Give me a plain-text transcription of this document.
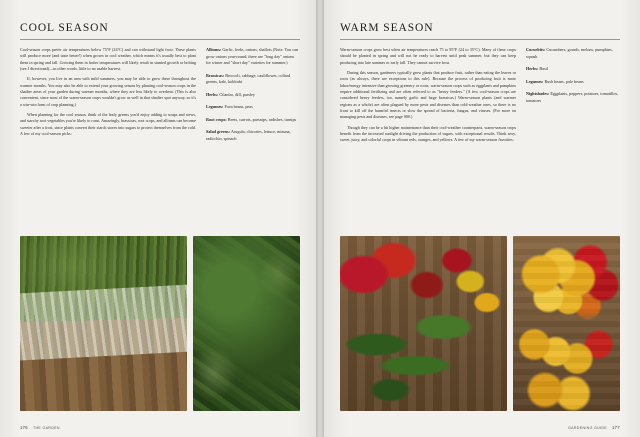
COOL SEASON

Cool-season crops prefer air temperatures below 75°F (24°C) and can withstand light frost. These plants will produce more (and taste better!) when grown in cool weather, which means it's usually best to plant them in spring and fall. Growing them in hotter temperatures will likely result in stunted growth or bolting (see J directional)—in other words, little to no usable harvest.

If, however, you live in an area with mild summers, you may be able to grow these throughout the warmer months. You may also be able to extend your growing season by planting cool-season crops in the shadier areas of your garden during warmer months, where they are less likely to overheat. (This is also convenient, since most of the warm-season crops wouldn't grow as well in that shadier spot anyway, so it's a win-win form of crop planning.)

When planning for the cool season, think of the leafy greens you'd enjoy adding to soups and stews, and starchy root vegetables you're likely to roast. Amazingly, brassicas, root crops, and alliums can become sweeter after a frost, since plants convert their starch stores into sugars to protect themselves from the cold. A few of my cool-season picks:

Alliums: Garlic, leeks, onions, shallots (Note: You can grow onions year-round; there are "long day" onions for winter and "short day" varieties for summer.)

Brassicas: Broccoli, cabbage, cauliflower, collard greens, kale, kohlrabi

Herbs: Cilantro, dill, parsley

Legumes: Fava beans, peas

Root crops: Beets, carrots, parsnips, radishes, turnips

Salad greens: Arugula, chicories, lettuce, mizuna, radicchio, spinach

176 THE GARDEN
WARM SEASON

Warm-season crops grow best when air temperatures reach 75 to 95°F (24 to 35°C). Many of these crops should be planted in spring and will not be ready to harvest until peak summer, but they can keep producing into late summer or early fall. They cannot survive frost.

During this season, gardeners typically grow plants that produce fruit, rather than eating the leaves or roots (as always, there are exceptions to this rule). Because the process of producing fruit is more labor/energy intensive than growing greenery or roots, warm-season crops such as eggplants and pumpkins require additional fertilizing and are often referred to as "heavy feeders." (A few cool-season crops are considered heavy feeders, too, namely garlic and large brassicas.) Warm-season plants (and warmer regions as a whole) are often plagued by more pests and diseases than cold-weather ones, so there is no front to kill off the harmful insects or slow the spread of bacteria, fungus, and viruses. (For more on managing pests and diseases, see page 000.)

Though they can be a bit higher maintenance than their cool-weather counterparts, warm-season crops benefit from the increased sunlight driving the production of sugars, with exceptional results. Think sexy, sweet, juicy, and colorful crops in vibrant reds, oranges, and yellows. A few of my warm-season favorites:

Cucurbits: Cucumbers, gourds, melons, pumpkins, squash

Herbs: Basil

Legumes: Bush beans, pole beans

Nightshades: Eggplants, peppers, potatoes, tomatillos, tomatoes

GARDENING GUIDE 177
